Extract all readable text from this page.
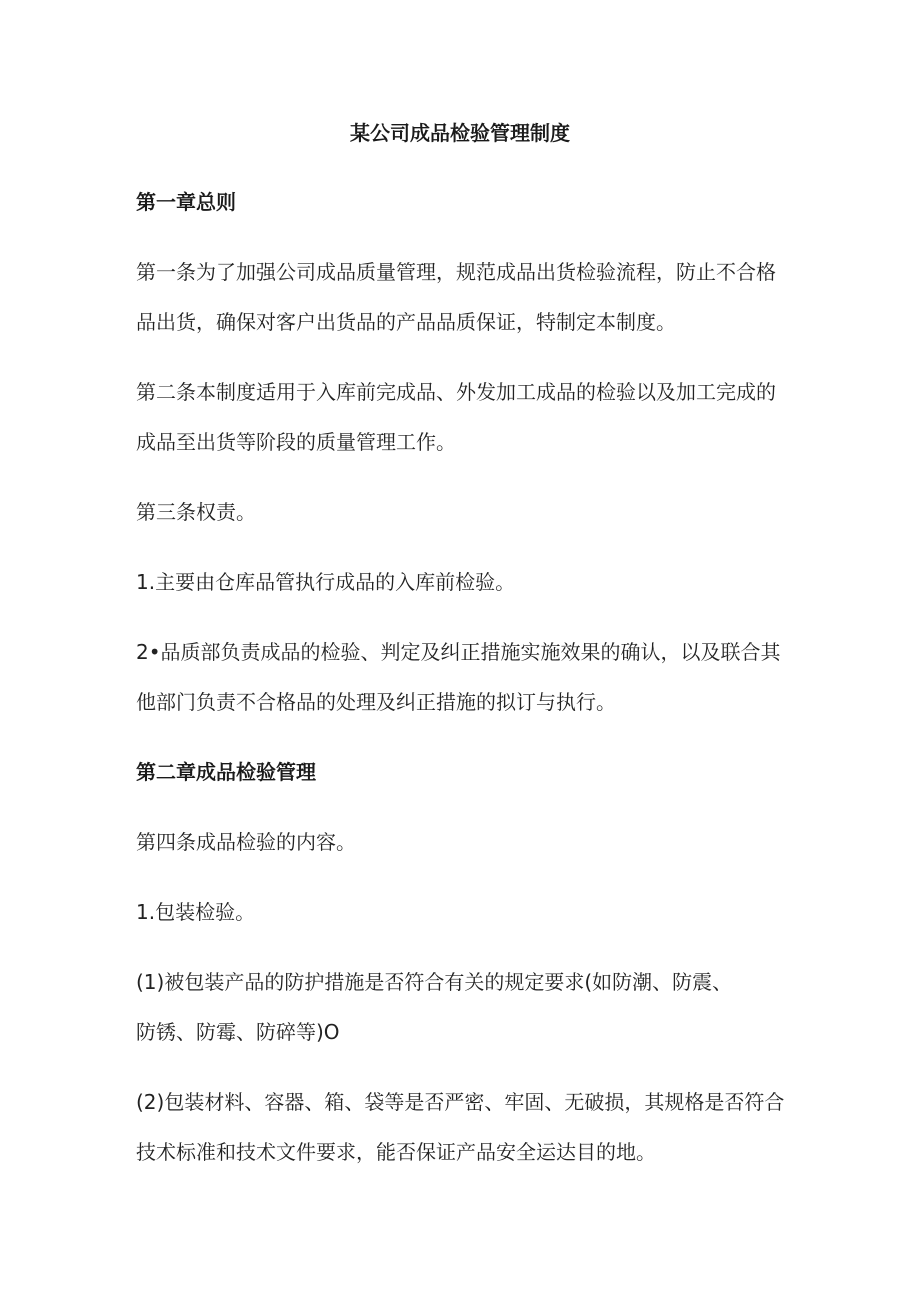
某公司成品检验管理制度
第一章总则
第一条为了加强公司成品质量管理，规范成品出货检验流程，防止不合格
品出货，确保对客户出货品的产品品质保证，特制定本制度。
第二条本制度适用于入库前完成品、外发加工成品的检验以及加工完成的
成品至出货等阶段的质量管理工作。
第三条权责。
1.主要由仓库品管执行成品的入库前检验。
2•品质部负责成品的检验、判定及纠正措施实施效果的确认，以及联合其
他部门负责不合格品的处理及纠正措施的拟订与执行。
第二章成品检验管理
第四条成品检验的内容。
1.包装检验。
(1)被包装产品的防护措施是否符合有关的规定要求(如防潮、防震、
防锈、防霉、防碎等)O
(2)包装材料、容器、箱、袋等是否严密、牢固、无破损，其规格是否符合
技术标准和技术文件要求，能否保证产品安全运达目的地。
